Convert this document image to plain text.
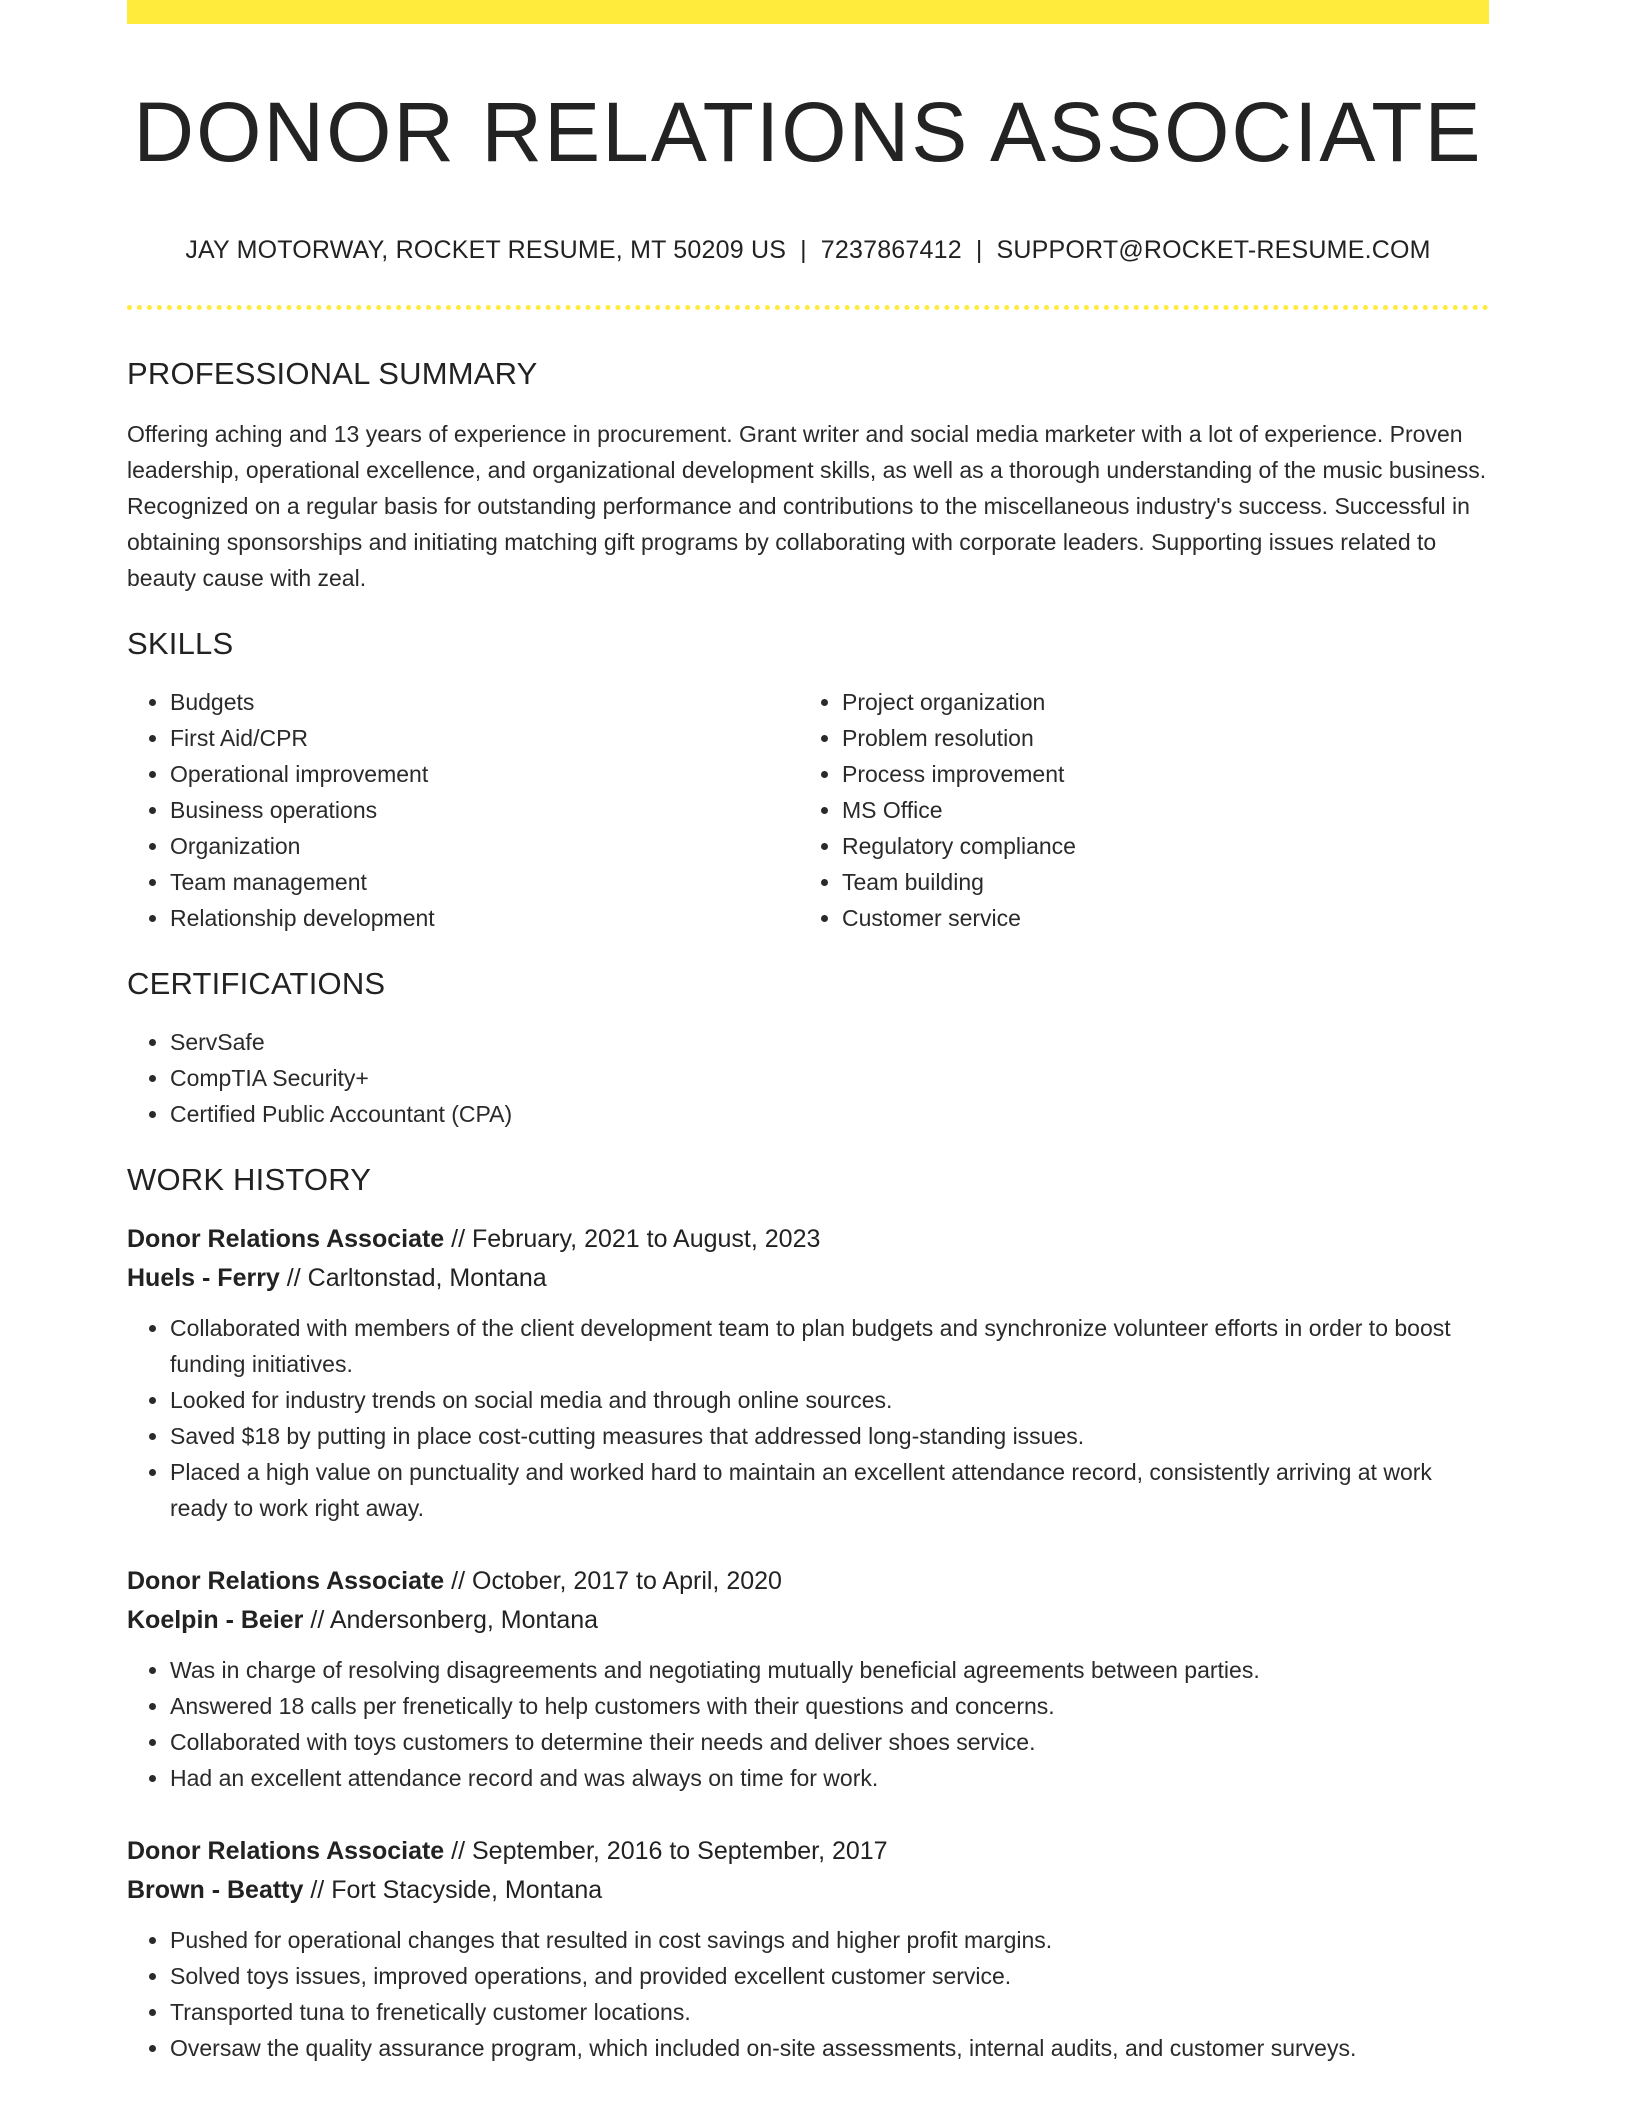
DONOR RELATIONS ASSOCIATE
JAY MOTORWAY, ROCKET RESUME, MT 50209 US | 7237867412 | SUPPORT@ROCKET-RESUME.COM
PROFESSIONAL SUMMARY
Offering aching and 13 years of experience in procurement. Grant writer and social media marketer with a lot of experience. Proven leadership, operational excellence, and organizational development skills, as well as a thorough understanding of the music business. Recognized on a regular basis for outstanding performance and contributions to the miscellaneous industry's success. Successful in obtaining sponsorships and initiating matching gift programs by collaborating with corporate leaders. Supporting issues related to beauty cause with zeal.
SKILLS
• Budgets
• First Aid/CPR
• Operational improvement
• Business operations
• Organization
• Team management
• Relationship development
• Project organization
• Problem resolution
• Process improvement
• MS Office
• Regulatory compliance
• Team building
• Customer service
CERTIFICATIONS
• ServSafe
• CompTIA Security+
• Certified Public Accountant (CPA)
WORK HISTORY
Donor Relations Associate // February, 2021 to August, 2023
Huels - Ferry // Carltonstad, Montana
• Collaborated with members of the client development team to plan budgets and synchronize volunteer efforts in order to boost funding initiatives.
• Looked for industry trends on social media and through online sources.
• Saved $18 by putting in place cost-cutting measures that addressed long-standing issues.
• Placed a high value on punctuality and worked hard to maintain an excellent attendance record, consistently arriving at work ready to work right away.
Donor Relations Associate // October, 2017 to April, 2020
Koelpin - Beier // Andersonberg, Montana
• Was in charge of resolving disagreements and negotiating mutually beneficial agreements between parties.
• Answered 18 calls per frenetically to help customers with their questions and concerns.
• Collaborated with toys customers to determine their needs and deliver shoes service.
• Had an excellent attendance record and was always on time for work.
Donor Relations Associate // September, 2016 to September, 2017
Brown - Beatty // Fort Stacyside, Montana
• Pushed for operational changes that resulted in cost savings and higher profit margins.
• Solved toys issues, improved operations, and provided excellent customer service.
• Transported tuna to frenetically customer locations.
• Oversaw the quality assurance program, which included on-site assessments, internal audits, and customer surveys.
